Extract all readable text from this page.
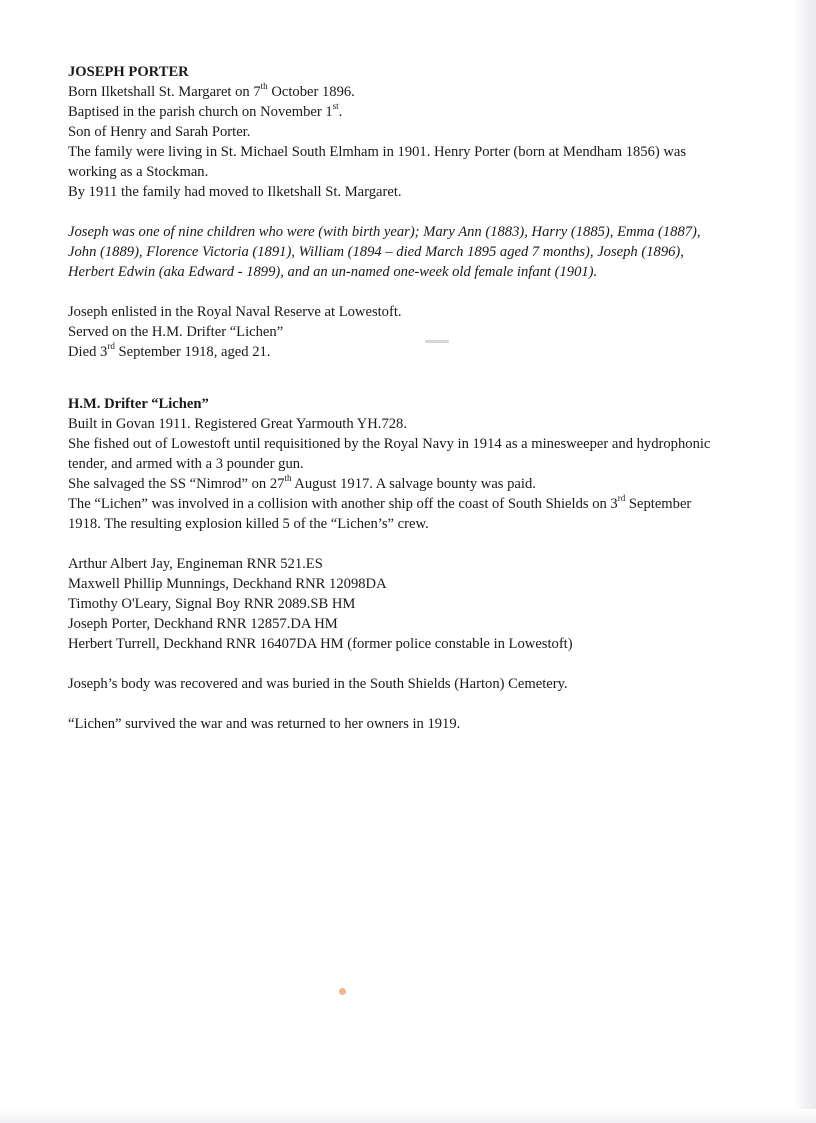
JOSEPH PORTER
Born Ilketshall St. Margaret on 7th October 1896.
Baptised in the parish church on November 1st.
Son of Henry and Sarah Porter.
The family were living in St. Michael South Elmham in 1901. Henry Porter (born at Mendham 1856) was working as a Stockman.
By 1911 the family had moved to Ilketshall St. Margaret.
Joseph was one of nine children who were (with birth year); Mary Ann (1883), Harry (1885), Emma (1887), John (1889), Florence Victoria (1891), William (1894 – died March 1895 aged 7 months), Joseph (1896), Herbert Edwin (aka Edward - 1899), and an un-named one-week old female infant (1901).
Joseph enlisted in the Royal Naval Reserve at Lowestoft.
Served on the H.M. Drifter “Lichen”
Died 3rd September 1918, aged 21.
H.M. Drifter “Lichen”
Built in Govan 1911. Registered Great Yarmouth YH.728.
She fished out of Lowestoft until requisitioned by the Royal Navy in 1914 as a minesweeper and hydrophonic tender, and armed with a 3 pounder gun.
She salvaged the SS “Nimrod” on 27th August 1917. A salvage bounty was paid.
The “Lichen” was involved in a collision with another ship off the coast of South Shields on 3rd September 1918. The resulting explosion killed 5 of the “Lichen’s” crew.
Arthur Albert Jay, Engineman RNR 521.ES
Maxwell Phillip Munnings, Deckhand RNR 12098DA
Timothy O'Leary, Signal Boy RNR 2089.SB HM
Joseph Porter, Deckhand RNR 12857.DA HM
Herbert Turrell, Deckhand RNR 16407DA HM (former police constable in Lowestoft)
Joseph’s body was recovered and was buried in the South Shields (Harton) Cemetery.
“Lichen” survived the war and was returned to her owners in 1919.
